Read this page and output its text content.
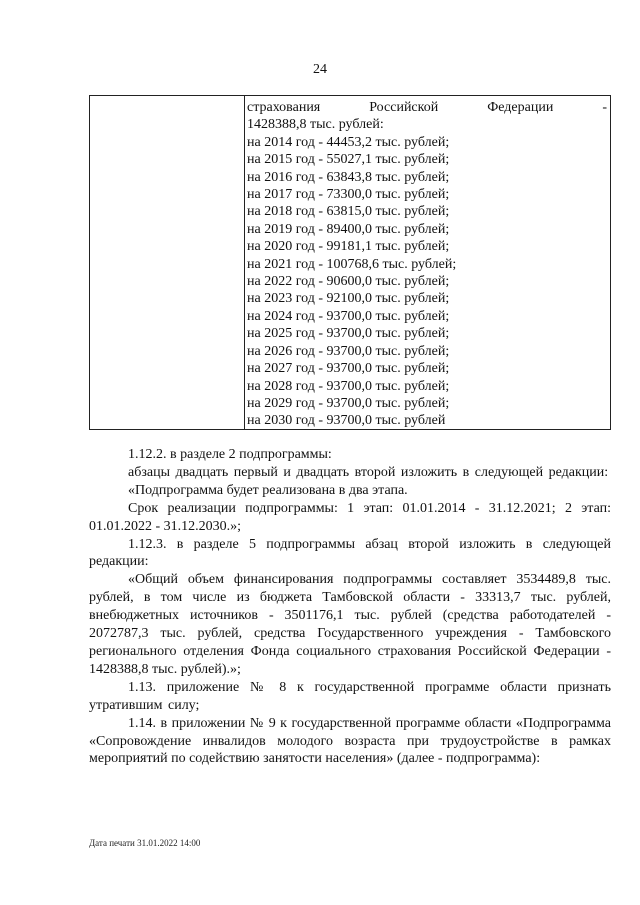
24
страхования	Российской	Федерации	-
1428388,8 тыс. рублей:
на 2014 год - 44453,2 тыс. рублей;
на 2015 год - 55027,1 тыс. рублей;
на 2016 год - 63843,8 тыс. рублей;
на 2017 год - 73300,0 тыс. рублей;
на 2018 год - 63815,0 тыс. рублей;
на 2019 год - 89400,0 тыс. рублей;
на 2020 год - 99181,1 тыс. рублей;
на 2021 год - 100768,6 тыс. рублей;
на 2022 год - 90600,0 тыс. рублей;
на 2023 год - 92100,0 тыс. рублей;
на 2024 год - 93700,0 тыс. рублей;
на 2025 год - 93700,0 тыс. рублей;
на 2026 год - 93700,0 тыс. рублей;
на 2027 год - 93700,0 тыс. рублей;
на 2028 год - 93700,0 тыс. рублей;
на 2029 год - 93700,0 тыс. рублей;
на 2030 год - 93700,0 тыс. рублей

1.12.2. в разделе 2 подпрограммы:

абзацы двадцать первый и двадцать второй изложить в следующей редакции:

«Подпрограмма будет реализована в два этапа.

Срок реализации подпрограммы: 1 этап: 01.01.2014 - 31.12.2021; 2 этап: 01.01.2022 - 31.12.2030.»;

1.12.3. в разделе 5 подпрограммы абзац второй изложить в следующей редакции:

«Общий объем финансирования подпрограммы составляет 3534489,8 тыс. рублей, в том числе из бюджета Тамбовской области - 33313,7 тыс. рублей, внебюджетных источников - 3501176,1 тыс. рублей (средства работодателей - 2072787,3 тыс. рублей, средства Государственного учреждения - Тамбовского регионального отделения Фонда социального страхования Российской Федерации - 1428388,8 тыс. рублей).»;

1.13. приложение № 8 к государственной программе области признать утратившим силу;

1.14. в приложении № 9 к государственной программе области «Подпрограмма «Сопровождение инвалидов молодого возраста при трудоустройстве в рамках мероприятий по содействию занятости населения» (далее - подпрограмма):

Дата печати 31.01.2022 14:00
